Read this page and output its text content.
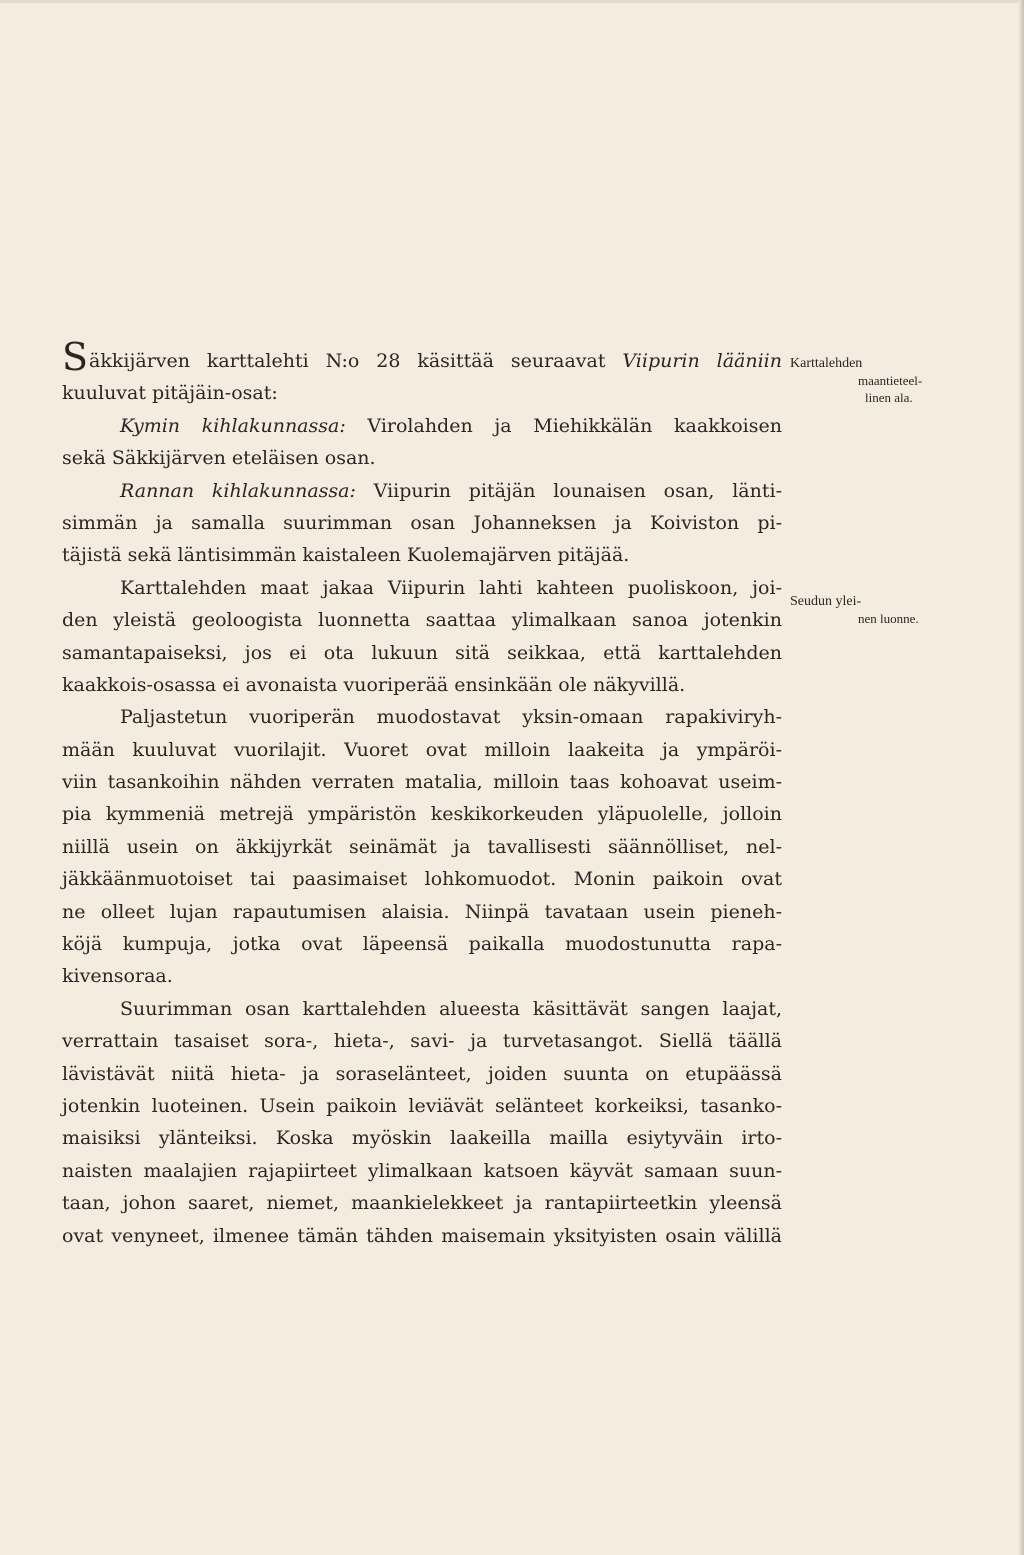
Säkkijärven karttalehti N:o 28 käsittää seuraavat Viipurin lääniin
kuuluvat pitäjäin-osat:
Kymin kihlakunnassa: Virolahden ja Miehikkälän kaakkoisen
sekä Säkkijärven eteläisen osan.
Rannan kihlakunnassa: Viipurin pitäjän lounaisen osan, länti-
simmän ja samalla suurimman osan Johanneksen ja Koiviston pi-
täjistä sekä läntisimmän kaistaleen Kuolemajärven pitäjää.
Karttalehden maat jakaa Viipurin lahti kahteen puoliskoon, joi-
den yleistä geoloogista luonnetta saattaa ylimalkaan sanoa jotenkin
samantapaiseksi, jos ei ota lukuun sitä seikkaa, että karttalehden
kaakkois-osassa ei avonaista vuoriperää ensinkään ole näkyvillä.
Paljastetun vuoriperän muodostavat yksin-omaan rapakiviryh-
mään kuuluvat vuorilajit. Vuoret ovat milloin laakeita ja ympäröi-
viin tasankoihin nähden verraten matalia, milloin taas kohoavat useim-
pia kymmeniä metrejä ympäristön keskikorkeuden yläpuolelle, jolloin
niillä usein on äkkijyrkät seinämät ja tavallisesti säännölliset, nel-
jäkkäänmuotoiset tai paasimaiset lohkomuodot. Monin paikoin ovat
ne olleet lujan rapautumisen alaisia. Niinpä tavataan usein pieneh-
köjä kumpuja, jotka ovat läpeensä paikalla muodostunutta rapa-
kivensoraa.
Suurimman osan karttalehden alueesta käsittävät sangen laajat,
verrattain tasaiset sora-, hieta-, savi- ja turvetasangot. Siellä täällä
lävistävät niitä hieta- ja soraselänteet, joiden suunta on etupäässä
jotenkin luoteinen. Usein paikoin leviävät selänteet korkeiksi, tasanko-
maisiksi ylänteiksi. Koska myöskin laakeilla mailla esiytyväin irto-
naisten maalajien rajapiirteet ylimalkaan katsoen käyvät samaan suun-
taan, johon saaret, niemet, maankielekkeet ja rantapiirteetkin yleensä
ovat venyneet, ilmenee tämän tähden maisemain yksityisten osain välillä
Karttalehden
maantieteel-
linen ala.
Seudun ylei-
nen luonne.
